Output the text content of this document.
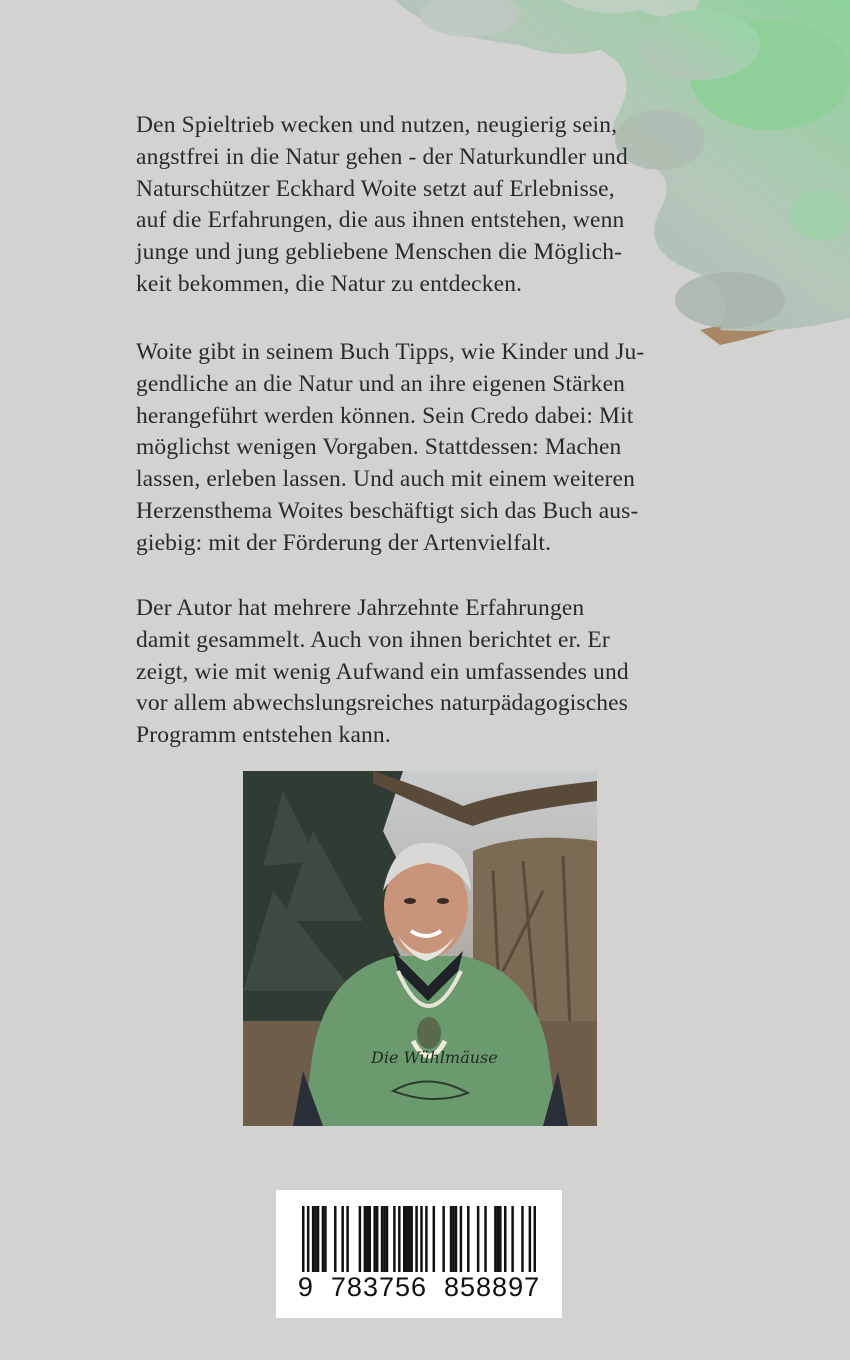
Den Spieltrieb wecken und nutzen, neugierig sein,
angstfrei in die Natur gehen - der Naturkundler und
Naturschützer Eckhard Woite setzt auf Erlebnisse,
auf die Erfahrungen, die aus ihnen entstehen, wenn
junge und jung gebliebene Menschen die Möglich-
keit bekommen, die Natur zu entdecken.
Woite gibt in seinem Buch Tipps, wie Kinder und Ju-
gendliche an die Natur und an ihre eigenen Stärken
herangeführt werden können. Sein Credo dabei: Mit
möglichst wenigen Vorgaben. Stattdessen: Machen
lassen, erleben lassen. Und auch mit einem weiteren
Herzensthema Woites beschäftigt sich das Buch aus-
giebig: mit der Förderung der Artenvielfalt.
Der Autor hat mehrere Jahrzehnte Erfahrungen
damit gesammelt. Auch von ihnen berichtet er. Er
zeigt, wie mit wenig Aufwand ein umfassendes und
vor allem abwechslungsreiches naturpädagogisches
Programm entstehen kann.
Die Wühlmäuse
9  783756  858897
